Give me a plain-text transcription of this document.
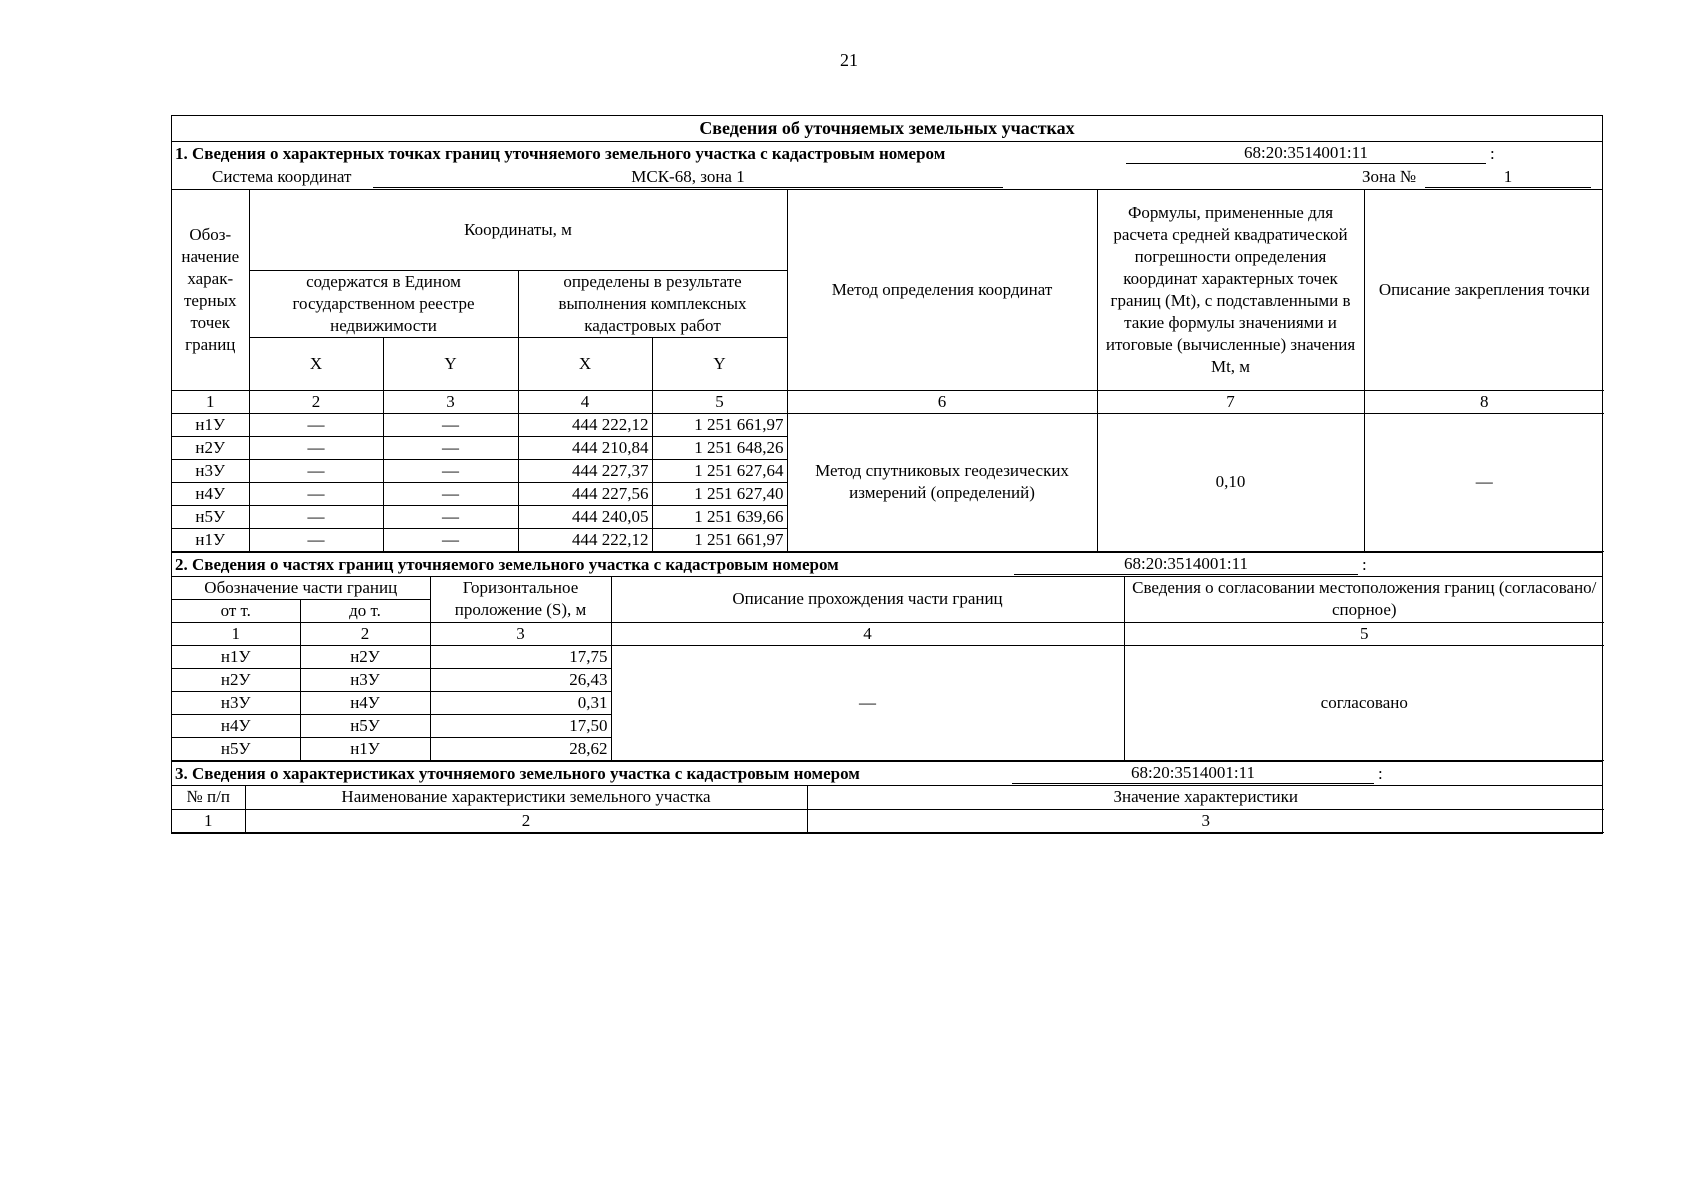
21
Сведения об уточняемых земельных участках
1. Сведения о характерных точках границ уточняемого земельного участка с кадастровым номером	68:20:3514001:11	:
Система координат	МСК-68, зона 1	Зона №	1
Обоз-начение харак-терных точек границ	Координаты, м				Метод определения координат	Формулы, примененные для расчета средней квадратической погрешности определения координат характерных точек границ (Mt), с подставленными в такие формулы значениями и итоговые (вычисленные) значения Mt, м	Описание закрепления точки
	содержатся в Едином государственном реестре недвижимости		определены в результате выполнения комплексных кадастровых работ				
	X	Y	X	Y			
1	2	3	4	5	6	7	8
н1У	—	—	444 222,12	1 251 661,97	Метод спутниковых геодезических измерений (определений)	0,10	—
н2У	—	—	444 210,84	1 251 648,26			
н3У	—	—	444 227,37	1 251 627,64			
н4У	—	—	444 227,56	1 251 627,40			
н5У	—	—	444 240,05	1 251 639,66			
н1У	—	—	444 222,12	1 251 661,97			
2. Сведения о частях границ уточняемого земельного участка с кадастровым номером	68:20:3514001:11	:
Обозначение части границ		Горизонтальное проложение (S), м	Описание прохождения части границ	Сведения о согласовании местоположения границ (согласовано/спорное)
от т.	до т.			
1	2	3	4	5
н1У	н2У	17,75	—	согласовано
н2У	н3У	26,43		
н3У	н4У	0,31		
н4У	н5У	17,50		
н5У	н1У	28,62		
3. Сведения о характеристиках уточняемого земельного участка с кадастровым номером	68:20:3514001:11	:
№ п/п	Наименование характеристики земельного участка	Значение характеристики
1	2	3
